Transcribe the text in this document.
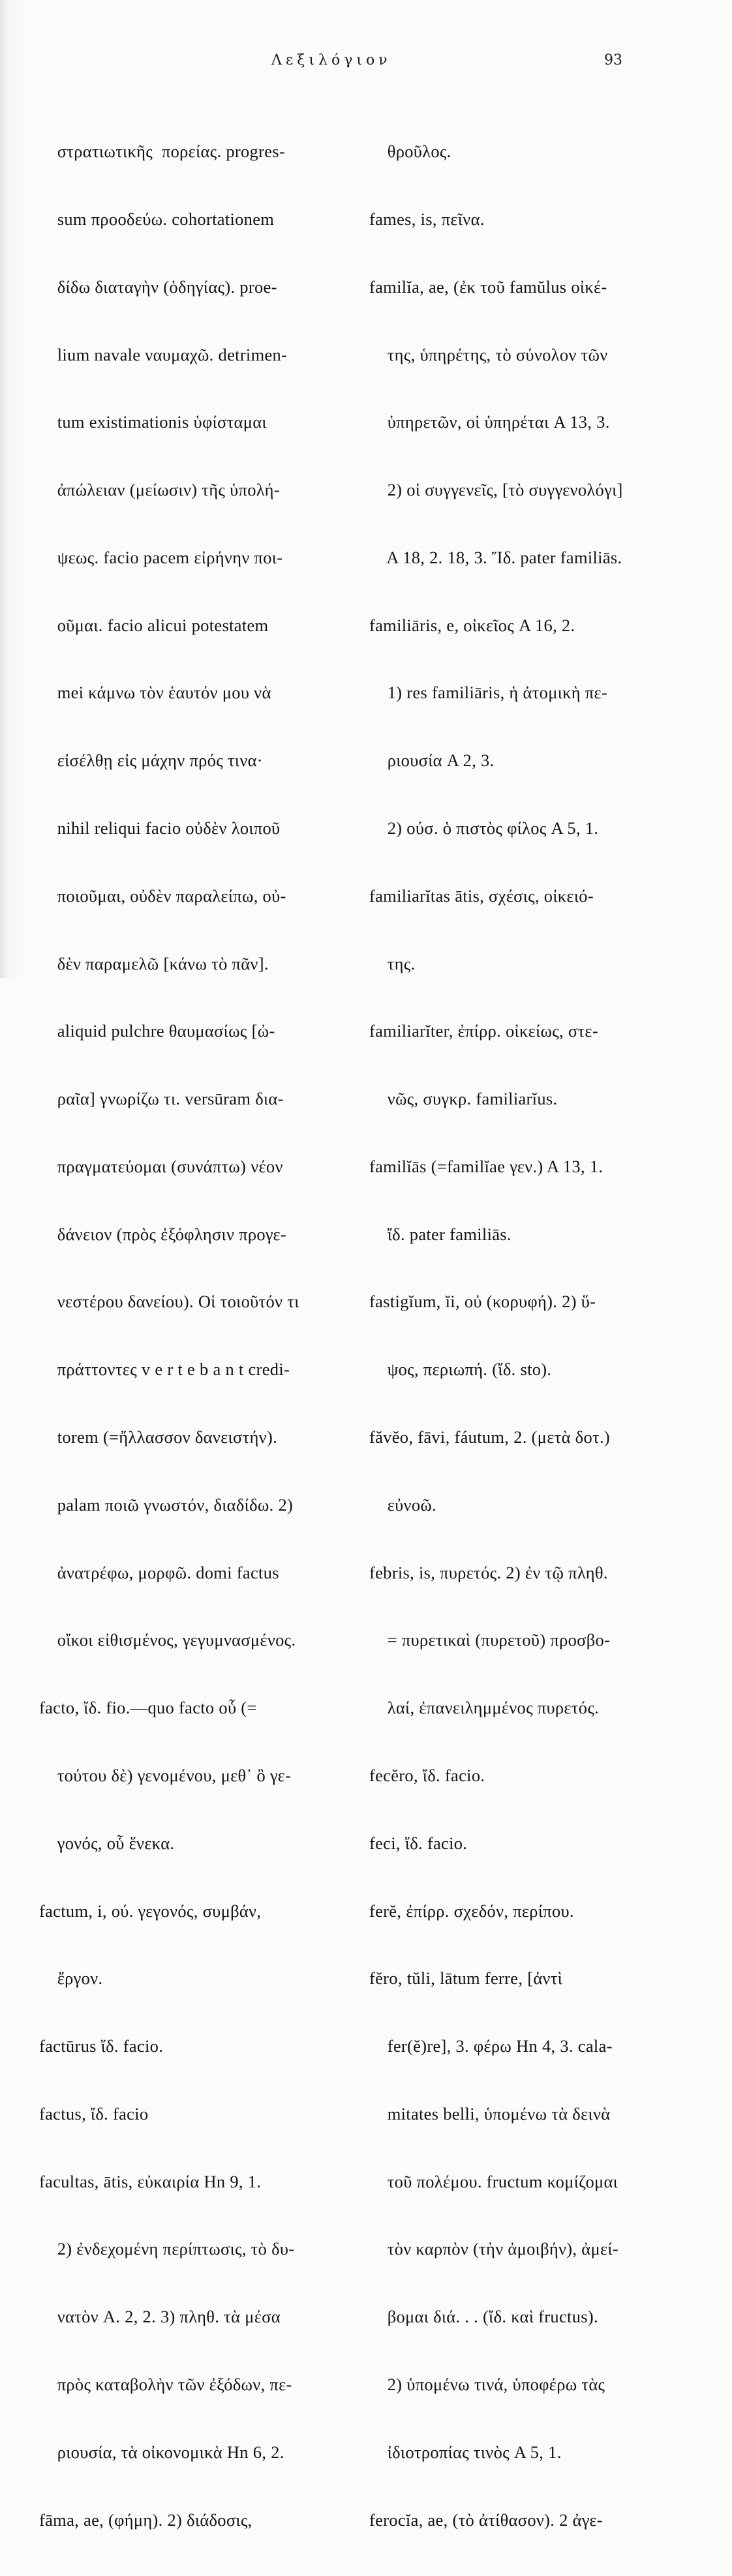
Λεξιλόγιον	93

στρατιωτικῆς  πορείας. progres-

sum προοδεύω. cohortationem

δίδω διαταγὴν (ὁδηγίας). proe-

lium navale ναυμαχῶ. detrimen-

tum existimationis ὑφίσταμαι

ἀπώλειαν (μείωσιν) τῆς ὑπολή-

ψεως. facio pacem εἰρήνην ποι-

οῦμαι. facio alicui potestatem

mei κάμνω τὸν ἑαυτόν μου νὰ

εἰσέλθῃ εἰς μάχην πρός τινα·

nihil reliqui facio οὐδὲν λοιποῦ

ποιοῦμαι, οὐδὲν παραλείπω, οὐ-

δὲν παραμελῶ [κάνω τὸ πᾶν].

aliquid pulchre θαυμασίως [ὠ-

ραῖα] γνωρίζω τι. versūram δια-

πραγματεύομαι (συνάπτω) νέον

δάνειον (πρὸς ἐξόφλησιν προγε-

νεστέρου δανείου). Οἱ τοιοῦτόν τι

πράττοντες v e r t e b a n t credi-

torem (=ἤλλασσον δανειστήν).

palam ποιῶ γνωστόν, διαδίδω. 2)

ἀνατρέφω, μορφῶ. domi factus

οἴκοι εἰθισμένος, γεγυμνασμένος.

facto, ἴδ. fio.—quo facto οὗ (=

τούτου δὲ) γενομένου, μεθ᾽ ὃ γε-

γονός, οὗ ἕνεκα.

factum, i, ού. γεγονός, συμβάν,

ἔργον.

factūrus ἴδ. facio.

factus, ἴδ. facio

facultas, ātis, εὐκαιρία Hn 9, 1.

2) ἐνδεχομένη περίπτωσις, τὸ δυ-

νατὸν A. 2, 2. 3) πληθ. τὰ μέσα

πρὸς καταβολὴν τῶν ἐξόδων, πε-

ριουσία, τὰ οἰκονομικὰ Hn 6, 2.

fāma, ae, (φήμη). 2) διάδοσις,

θροῦλος.

fames, is, πεῖνα.

familĭa, ae, (ἐκ τοῦ famŭlus οἰκέ-

της, ὑπηρέτης, τὸ σύνολον τῶν

ὑπηρετῶν, οἱ ὑπηρέται A 13, 3.

2) οἱ συγγενεῖς, [τὸ συγγενολόγι]

A 18, 2. 18, 3. Ἴδ. pater familiās.

familiāris, e, οἰκεῖος A 16, 2.

1) res familiāris, ἡ ἀτομικὴ πε-

ριουσία A 2, 3.

2) ούσ. ὁ πιστὸς φίλος A 5, 1.

familiarĭtas ātis, σχέσις, οἰκειό-

της.

familiarĭter, ἐπίρρ. οἰκείως, στε-

νῶς, συγκρ. familiarĭus.

familĭās (=familĭae γεν.) A 13, 1.

ἴδ. pater familiās.

fastigĭum, ĭi, οὐ (κορυφή). 2) ὕ-

ψος, περιωπή. (ἴδ. sto).

făvĕo, fāvi, fáutum, 2. (μετὰ δοτ.)

εὐνοῶ.

febris, is, πυρετός. 2) ἐν τῷ πληθ.

= πυρετικαὶ (πυρετοῦ) προσβο-

λαί, ἐπανειλημμένος πυρετός.

fecĕro, ἴδ. facio.

feci, ἴδ. facio.

ferĕ, ἐπίρρ. σχεδόν, περίπου.

fĕro, tŭli, lātum ferre, [ἀντὶ

fer(ĕ)re], 3. φέρω Hn 4, 3. cala-

mitates belli, ὑπομένω τὰ δεινὰ

τοῦ πολέμου. fructum κομίζομαι

τὸν καρπὸν (τὴν ἀμοιβήν), ἀμεί-

βομαι διά. . . (ἴδ. καὶ fructus).

2) ὑπομένω τινά, ὑποφέρω τὰς

ἰδιοτροπίας τινὸς A 5, 1.

ferocĭa, ae, (τὸ ἀτίθασον). 2 ἀγε-
